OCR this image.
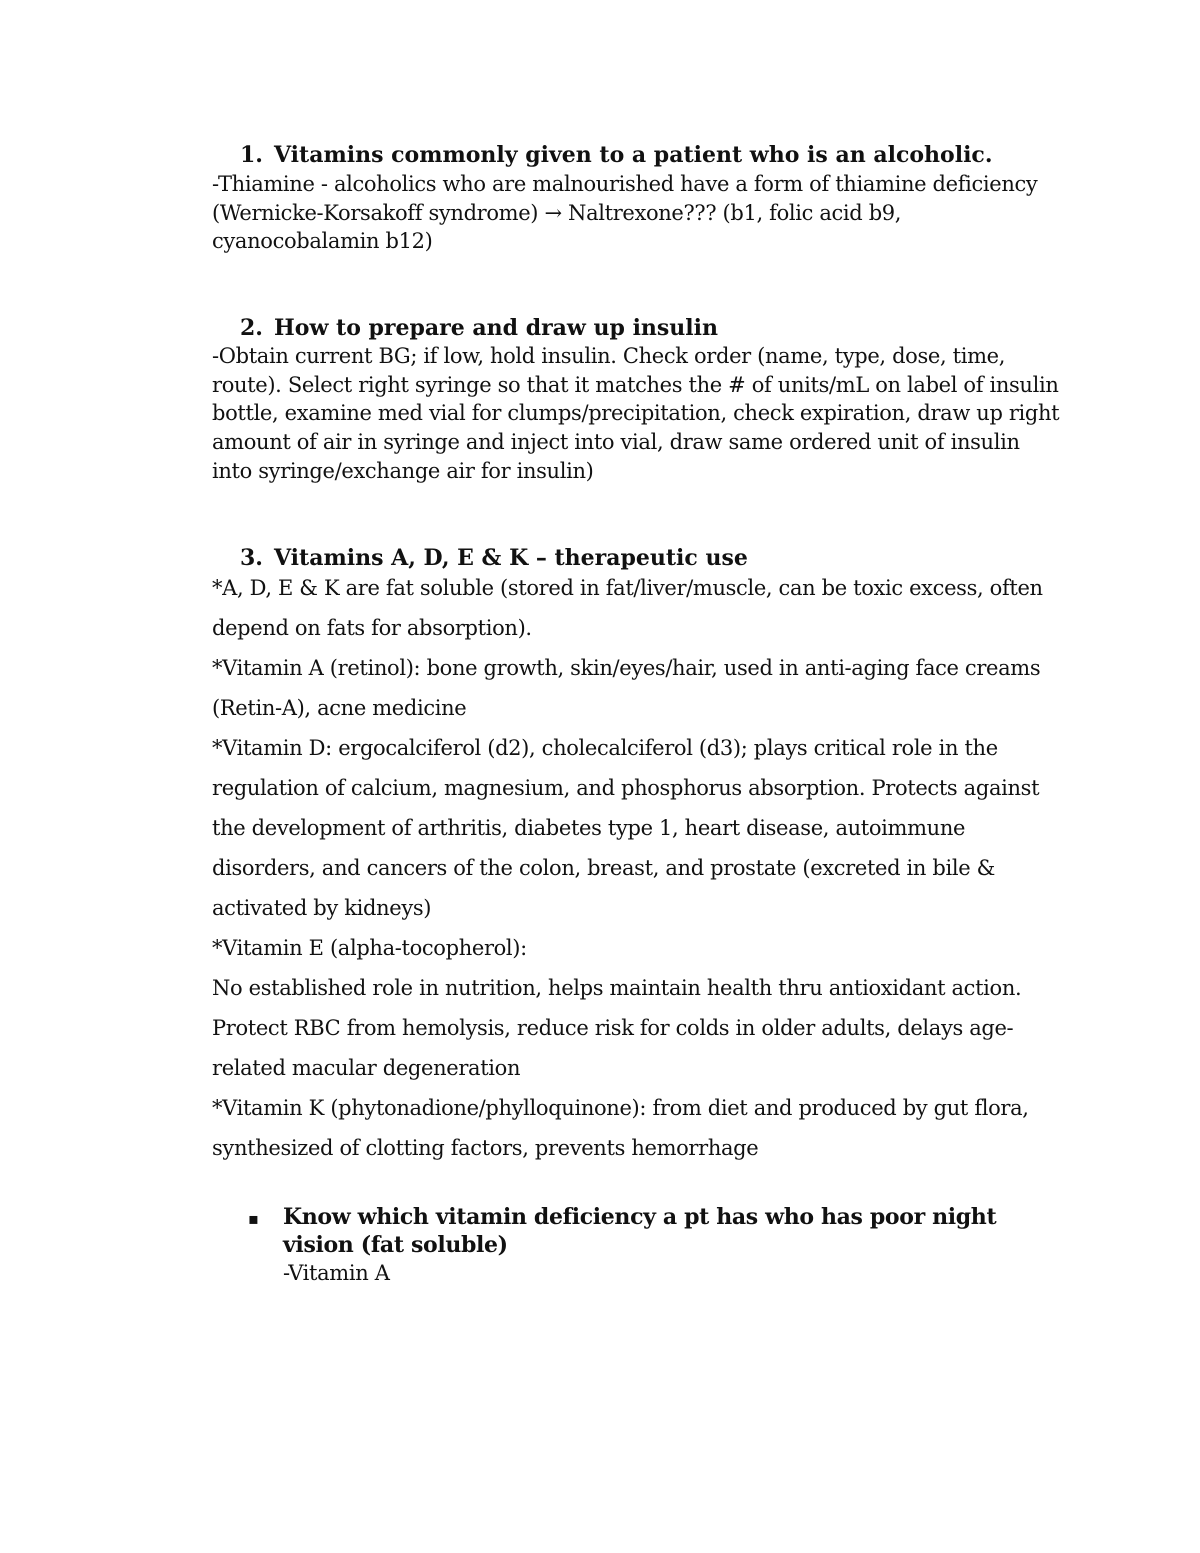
1. Vitamins commonly given to a patient who is an alcoholic.

-Thiamine - alcoholics who are malnourished have a form of thiamine deficiency (Wernicke-Korsakoff syndrome) → Naltrexone??? (b1, folic acid b9, cyanocobalamin b12)

2. How to prepare and draw up insulin

-Obtain current BG; if low, hold insulin. Check order (name, type, dose, time, route). Select right syringe so that it matches the # of units/mL on label of insulin bottle, examine med vial for clumps/precipitation, check expiration, draw up right amount of air in syringe and inject into vial, draw same ordered unit of insulin into syringe/exchange air for insulin)

3. Vitamins A, D, E & K – therapeutic use

*A, D, E & K are fat soluble (stored in fat/liver/muscle, can be toxic excess, often depend on fats for absorption).

*Vitamin A (retinol): bone growth, skin/eyes/hair, used in anti-aging face creams (Retin-A), acne medicine

*Vitamin D: ergocalciferol (d2), cholecalciferol (d3); plays critical role in the regulation of calcium, magnesium, and phosphorus absorption. Protects against the development of arthritis, diabetes type 1, heart disease, autoimmune disorders, and cancers of the colon, breast, and prostate (excreted in bile & activated by kidneys)

*Vitamin E (alpha-tocopherol):

No established role in nutrition, helps maintain health thru antioxidant action. Protect RBC from hemolysis, reduce risk for colds in older adults, delays age-related macular degeneration

*Vitamin K (phytonadione/phylloquinone): from diet and produced by gut flora, synthesized of clotting factors, prevents hemorrhage

▪ Know which vitamin deficiency a pt has who has poor night vision (fat soluble)
-Vitamin A
